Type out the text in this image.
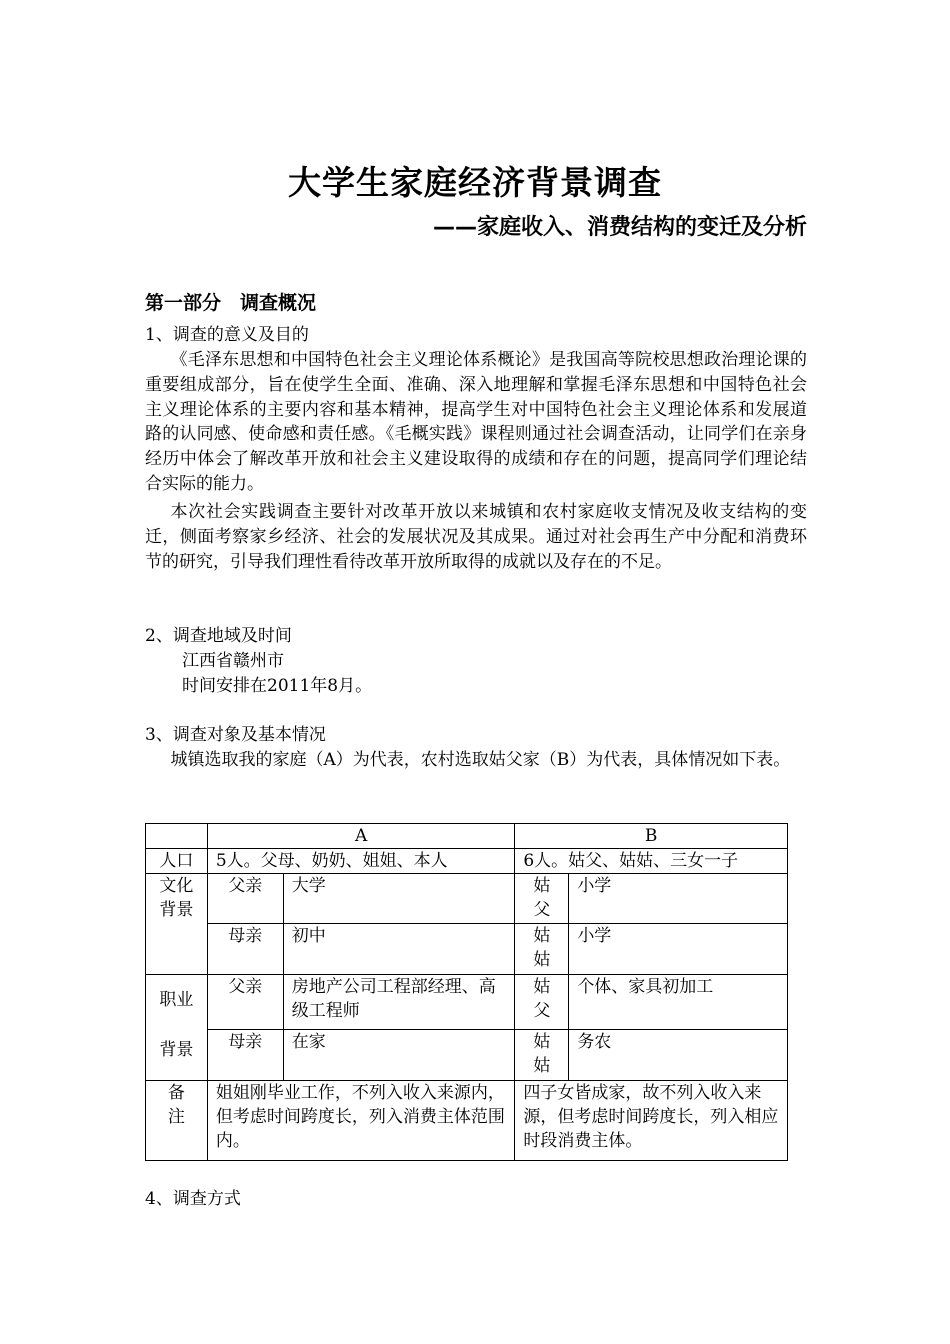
大学生家庭经济背景调查
——家庭收入、消费结构的变迁及分析
第一部分　调查概况
1、调查的意义及目的

《毛泽东思想和中国特色社会主义理论体系概论》是我国高等院校思想政治理论课的重要组成部分，旨在使学生全面、准确、深入地理解和掌握毛泽东思想和中国特色社会主义理论体系的主要内容和基本精神，提高学生对中国特色社会主义理论体系和发展道路的认同感、使命感和责任感。《毛概实践》课程则通过社会调查活动，让同学们在亲身经历中体会了解改革开放和社会主义建设取得的成绩和存在的问题，提高同学们理论结合实际的能力。

本次社会实践调查主要针对改革开放以来城镇和农村家庭收支情况及收支结构的变迁，侧面考察家乡经济、社会的发展状况及其成果。通过对社会再生产中分配和消费环节的研究，引导我们理性看待改革开放所取得的成就以及存在的不足。

2、调查地域及时间
江西省赣州市
时间安排在2011年8月。
3、调查对象及基本情况

城镇选取我的家庭（A）为代表，农村选取姑父家（B）为代表，具体情况如下表。

	A		B	
人口	5人。父母、奶奶、姐姐、本人		6人。姑父、姑姑、三女一子	
文化背景	父亲	大学	姑父	小学
	母亲	初中	姑姑	小学
职业背景	父亲	房地产公司工程部经理、高级工程师	姑父	个体、家具初加工
	母亲	在家	姑姑	务农
备注	姐姐刚毕业工作，不列入收入来源内，但考虑时间跨度长，列入消费主体范围内。		四子女皆成家，故不列入收入来源，但考虑时间跨度长，列入相应时段消费主体。	
4、调查方式
